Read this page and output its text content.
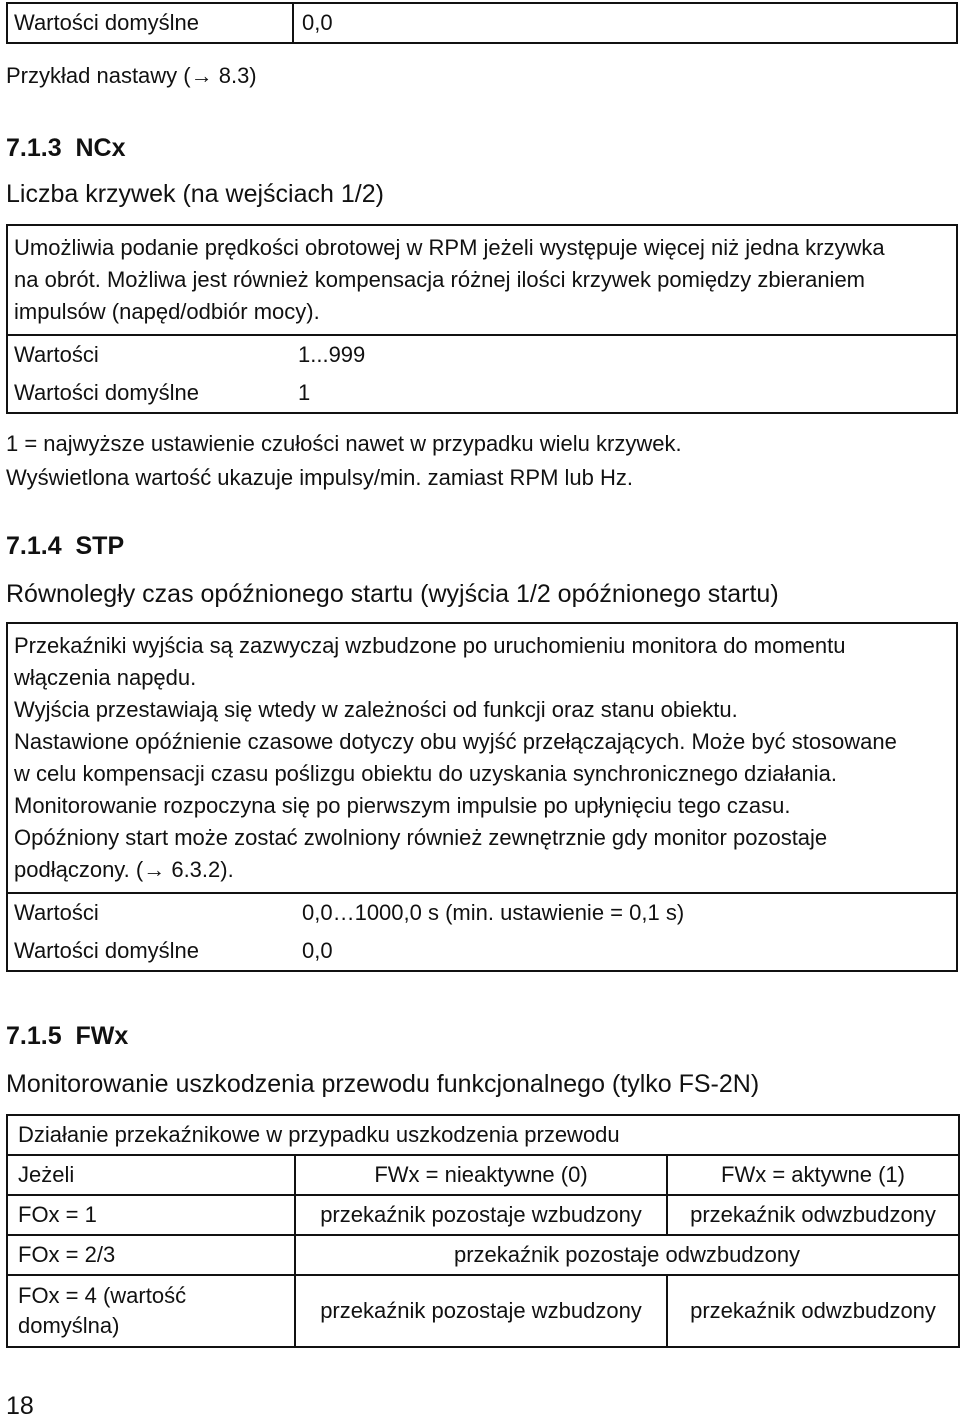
Wartości domyślne	0,0
Przykład nastawy (→ 8.3)
7.1.3  NCx
Liczba krzywek (na wejściach 1/2)
Umożliwia podanie prędkości obrotowej w RPM jeżeli występuje więcej niż jedna krzywka
na obrót. Możliwa jest również kompensacja różnej ilości krzywek pomiędzy zbieraniem
impulsów (napęd/odbiór mocy).
Wartości	1...999
Wartości domyślne	1
1 = najwyższe ustawienie czułości nawet w przypadku wielu krzywek.
Wyświetlona wartość ukazuje impulsy/min. zamiast RPM lub Hz.
7.1.4  STP
Równoległy czas opóźnionego startu (wyjścia 1/2 opóźnionego startu)
Przekaźniki wyjścia są zazwyczaj wzbudzone po uruchomieniu monitora do momentu
włączenia napędu.
Wyjścia przestawiają się wtedy w zależności od funkcji oraz stanu obiektu.
Nastawione opóźnienie czasowe dotyczy obu wyjść przełączających. Może być stosowane
w celu kompensacji czasu poślizgu obiektu do uzyskania synchronicznego działania.
Monitorowanie rozpoczyna się po pierwszym impulsie po upłynięciu tego czasu.
Opóźniony start może zostać zwolniony również zewnętrznie gdy monitor pozostaje
podłączony. (→ 6.3.2).
Wartości	0,0…1000,0 s (min. ustawienie = 0,1 s)
Wartości domyślne	0,0
7.1.5  FWx
Monitorowanie uszkodzenia przewodu funkcjonalnego (tylko FS-2N)
Działanie przekaźnikowe w przypadku uszkodzenia przewodu		
Jeżeli	FWx = nieaktywne (0)	FWx = aktywne (1)
FOx = 1	przekaźnik pozostaje wzbudzony	przekaźnik odwzbudzony
FOx = 2/3	przekaźnik pozostaje odwzbudzony	

FOx = 4 (wartość
domyślna)	przekaźnik pozostaje wzbudzony	przekaźnik odwzbudzony
18
